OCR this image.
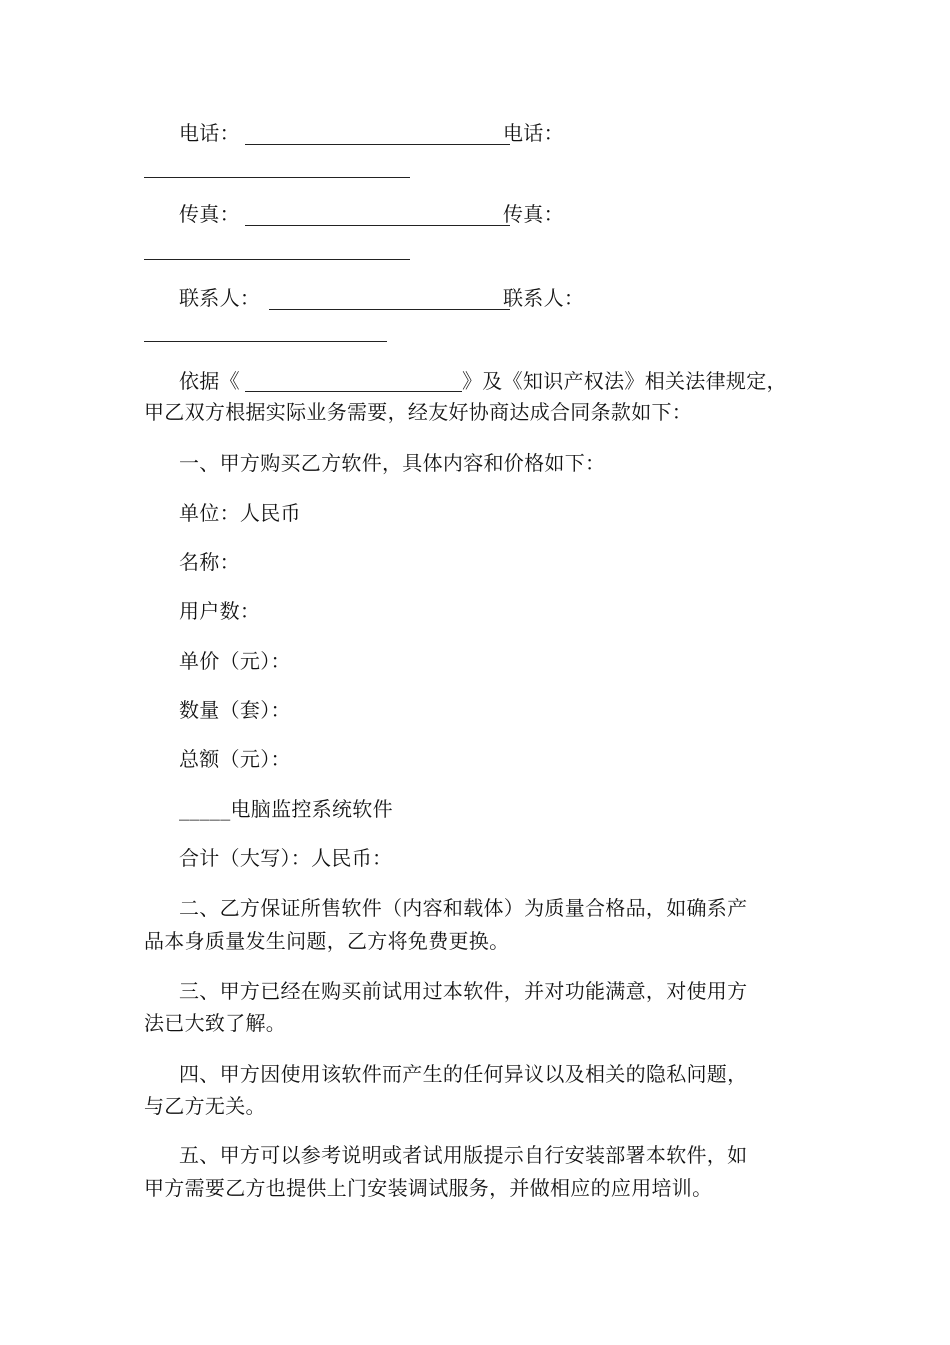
电话：	电话：
传真：	传真：
联系人：	联系人：
依据《	》及《知识产权法》相关法律规定，
甲乙双方根据实际业务需要，经友好协商达成合同条款如下：
一、甲方购买乙方软件，具体内容和价格如下：
单位：人民币
名称：
用户数：
单价（元）：
数量（套）：
总额（元）：
_____电脑监控系统软件
合计（大写）：人民币：
二、乙方保证所售软件（内容和载体）为质量合格品，如确系产
品本身质量发生问题，乙方将免费更换。
三、甲方已经在购买前试用过本软件，并对功能满意，对使用方
法已大致了解。
四、甲方因使用该软件而产生的任何异议以及相关的隐私问题，
与乙方无关。
五、甲方可以参考说明或者试用版提示自行安装部署本软件，如
甲方需要乙方也提供上门安装调试服务，并做相应的应用培训。
